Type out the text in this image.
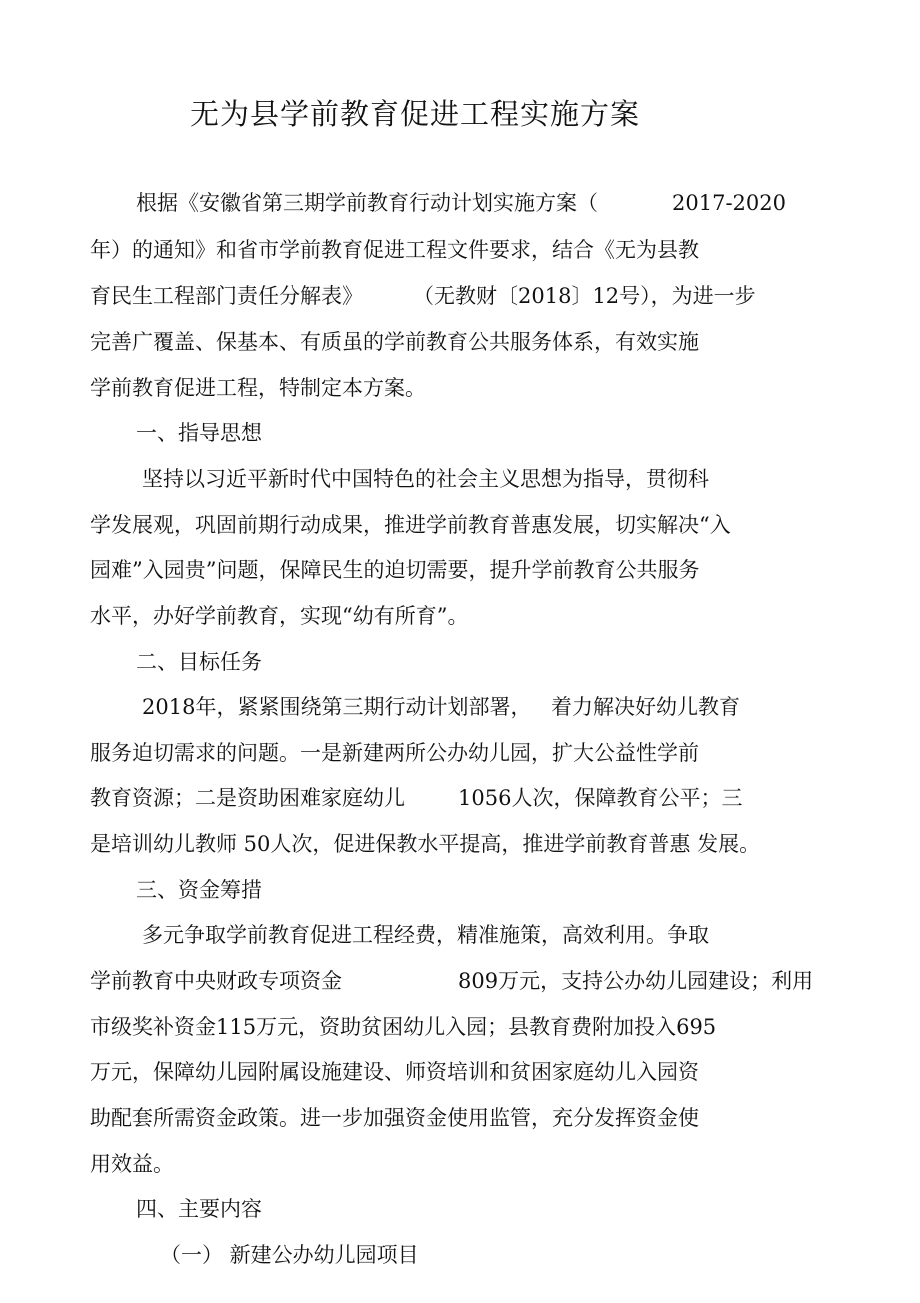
无为县学前教育促进工程实施方案
根据《安徽省第三期学前教育行动计划实施方案（	2017-2020
年）的通知》和省市学前教育促进工程文件要求，结合《无为县教
育民生工程部门责任分解表》 （无教财〔2018〕12号），为进一步
完善广覆盖、保基本、有质虽的学前教育公共服务体系，有效实施
学前教育促进工程，特制定本方案。
一、指导思想
坚持以习近平新时代中国特色的社会主义思想为指导，贯彻科
学发展观，巩固前期行动成果，推进学前教育普惠发展，切实解决“入
园难”入园贵”问题，保障民生的迫切需要，提升学前教育公共服务
水平，办好学前教育，实现“幼有所育”。
二、目标任务
2018年，紧紧围绕第三期行动计划部署， 着力解决好幼儿教育
服务迫切需求的问题。一是新建两所公办幼儿园，扩大公益性学前
教育资源；二是资助困难家庭幼儿	1056人次，保障教育公平；三
是培训幼儿教师 50人次，促进保教水平提高，推进学前教育普惠 发展。
三、资金筹措
多元争取学前教育促进工程经费，精准施策，高效利用。争取
学前教育中央财政专项资金	809万元，支持公办幼儿园建设；利用
市级奖补资金115万元，资助贫困幼儿入园；县教育费附加投入695
万元，保障幼儿园附属设施建设、师资培训和贫困家庭幼儿入园资
助配套所需资金政策。进一步加强资金使用监管，充分发挥资金使
用效益。
四、主要内容
（一） 新建公办幼儿园项目
